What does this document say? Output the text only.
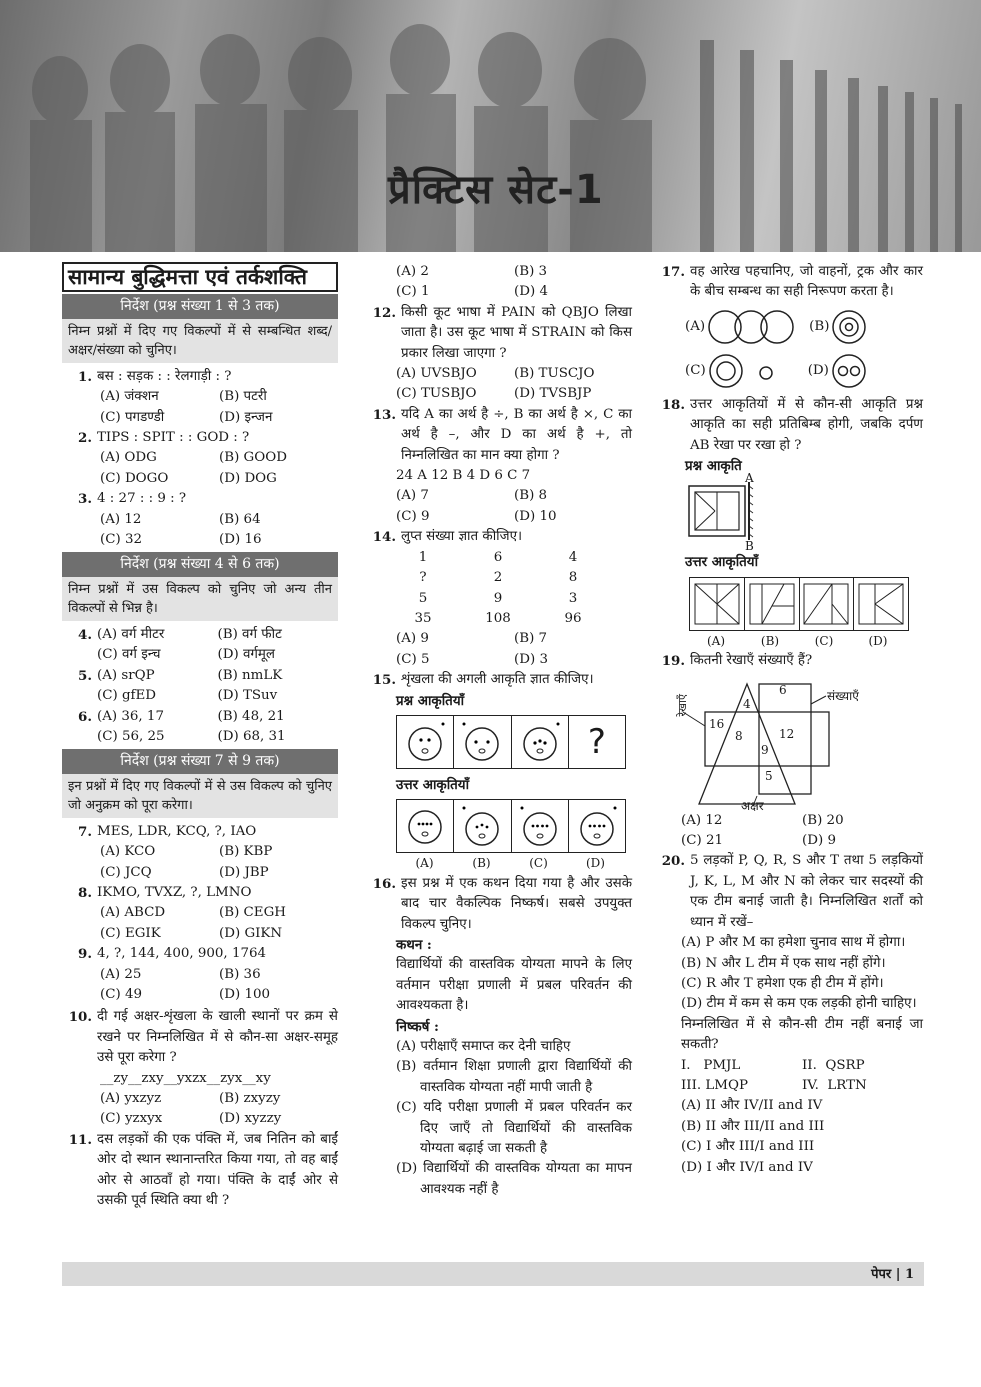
प्रैक्टिस सेट-1
सामान्य बुद्धिमत्ता एवं तर्कशक्ति
निर्देश (प्रश्न संख्या 1 से 3 तक)
निम्न प्रश्नों में दिए गए विकल्पों में से सम्बन्धित शब्द/अक्षर/संख्या को चुनिए।
1. बस : सड़क : : रेलगाड़ी : ?
(A) जंक्शन	(B) पटरी
(C) पगडण्डी	(D) इन्जन
2. TIPS : SPIT : : GOD : ?
(A) ODG	(B) GOOD
(C) DOGO	(D) DOG
3. 4 : 27 : : 9 : ?
(A) 12	(B) 64
(C) 32	(D) 16
निर्देश (प्रश्न संख्या 4 से 6 तक)
निम्न प्रश्नों में उस विकल्प को चुनिए जो अन्य तीन विकल्पों से भिन्न है।
4. (A) वर्ग मीटर	(B) वर्ग फीट
(C) वर्ग इन्च	(D) वर्गमूल
5. (A) srQP	(B) nmLK
(C) gfED	(D) TSuv
6. (A) 36, 17	(B) 48, 21
(C) 56, 25	(D) 68, 31
निर्देश (प्रश्न संख्या 7 से 9 तक)
इन प्रश्नों में दिए गए विकल्पों में से उस विकल्प को चुनिए जो अनुक्रम को पूरा करेगा।
7. MES, LDR, KCQ, ?, IAO
(A) KCO	(B) KBP
(C) JCQ	(D) JBP
8. IKMO, TVXZ, ?, LMNO
(A) ABCD	(B) CEGH
(C) EGIK	(D) GIKN
9. 4, ?, 144, 400, 900, 1764
(A) 25	(B) 36
(C) 49	(D) 100
10. दी गई अक्षर-शृंखला के खाली स्थानों पर क्रम से रखने पर निम्नलिखित में से कौन-सा अक्षर-समूह उसे पूरा करेगा ?
__zy__zxy__yxzx__zyx__xy
(A) yxzyz	(B) zxyzy
(C) yzxyx	(D) xyzzy
11. दस लड़कों की एक पंक्ति में, जब नितिन को बाईं ओर दो स्थान स्थानान्तरित किया गया, तो वह बाईं ओर से आठवाँ हो गया। पंक्ति के दाईं ओर से उसकी पूर्व स्थिति क्या थी ?
(A) 2	(B) 3
(C) 1	(D) 4
12. किसी कूट भाषा में PAIN को QBJO लिखा जाता है। उस कूट भाषा में STRAIN को किस प्रकार लिखा जाएगा ?
(A) UVSBJO	(B) TUSCJO
(C) TUSBJO	(D) TVSBJP
13. यदि A का अर्थ है ÷, B का अर्थ है ×, C का अर्थ है –, और D का अर्थ है +, तो निम्नलिखित का मान क्या होगा ?
24 A 12 B 4 D 6 C 7
(A) 7	(B) 8
(C) 9	(D) 10
14. लुप्त संख्या ज्ञात कीजिए।
1	6	4
?	2	8
5	9	3
35	108	96
(A) 9	(B) 7
(C) 5	(D) 3
15. शृंखला की अगली आकृति ज्ञात कीजिए।
प्रश्न आकृतियाँ
?
उत्तर आकृतियाँ
(A)	(B)	(C)	(D)
16. इस प्रश्न में एक कथन दिया गया है और उसके बाद चार वैकल्पिक निष्कर्ष। सबसे उपयुक्त विकल्प चुनिए।
कथन :
विद्यार्थियों की वास्तविक योग्यता मापने के लिए वर्तमान परीक्षा प्रणाली में प्रबल परिवर्तन की आवश्यकता है।
निष्कर्ष :
(A) परीक्षाएँ समाप्त कर देनी चाहिए
(B) वर्तमान शिक्षा प्रणाली द्वारा विद्यार्थियों की वास्तविक योग्यता नहीं मापी जाती है
(C) यदि परीक्षा प्रणाली में प्रबल परिवर्तन कर दिए जाएँ तो विद्यार्थियों की वास्तविक योग्यता बढ़ाई जा सकती है
(D) विद्यार्थियों की वास्तविक योग्यता का मापन आवश्यक नहीं है
17. वह आरेख पहचानिए, जो वाहनों, ट्रक और कार के बीच सम्बन्ध का सही निरूपण करता है।
(A)	(B)
(C)	(D)
18. उत्तर आकृतियों में से कौन-सी आकृति प्रश्न आकृति का सही प्रतिबिम्ब होगी, जबकि दर्पण AB रेखा पर रखा हो ?
प्रश्न आकृति
A
B
उत्तर आकृतियाँ
(A)	(B)	(C)	(D)
19. कितनी रेखाएँ संख्याएँ हैं?
रेखाएँ	संख्याएँ
अक्षर
4
6
16
8	12
9
5
(A) 12	(B) 20
(C) 21	(D) 9
20. 5 लड़कों P, Q, R, S और T तथा 5 लड़कियों J, K, L, M और N को लेकर चार सदस्यों की एक टीम बनाई जाती है। निम्नलिखित शर्तों को ध्यान में रखें–
(A) P और M का हमेशा चुनाव साथ में होगा।
(B) N और L टीम में एक साथ नहीं होंगे।
(C) R और T हमेशा एक ही टीम में होंगे।
(D) टीम में कम से कम एक लड़की होनी चाहिए।
निम्नलिखित में से कौन-सी टीम नहीं बनाई जा सकती?
I.   PMJL	II.  QSRP
III. LMQP	IV.  LRTN
(A) II और IV/II and IV
(B) II और III/II and III
(C) I और III/I and III
(D) I और IV/I and IV
पेपर | 1
